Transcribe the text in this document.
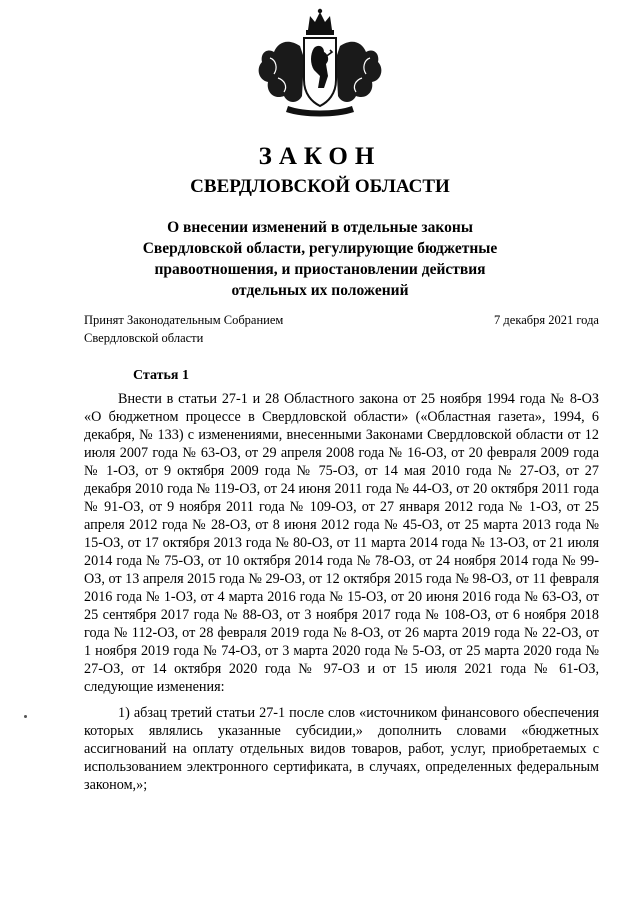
ЗАКОН
СВЕРДЛОВСКОЙ ОБЛАСТИ
О внесении изменений в отдельные законы Свердловской области, регулирующие бюджетные правоотношения, и приостановлении действия отдельных их положений
Принят Законодательным Собранием
Свердловской области
7 декабря 2021 года
Статья 1

Внести в статьи 27-1 и 28 Областного закона от 25 ноября 1994 года № 8-ОЗ «О бюджетном процессе в Свердловской области» («Областная газета», 1994, 6 декабря, № 133) с изменениями, внесенными Законами Свердловской области от 12 июля 2007 года № 63-ОЗ, от 29 апреля 2008 года № 16-ОЗ, от 20 февраля 2009 года № 1-ОЗ, от 9 октября 2009 года № 75-ОЗ, от 14 мая 2010 года № 27-ОЗ, от 27 декабря 2010 года № 119-ОЗ, от 24 июня 2011 года № 44-ОЗ, от 20 октября 2011 года № 91-ОЗ, от 9 ноября 2011 года № 109-ОЗ, от 27 января 2012 года № 1-ОЗ, от 25 апреля 2012 года № 28-ОЗ, от 8 июня 2012 года № 45-ОЗ, от 25 марта 2013 года № 15-ОЗ, от 17 октября 2013 года № 80-ОЗ, от 11 марта 2014 года № 13-ОЗ, от 21 июля 2014 года № 75-ОЗ, от 10 октября 2014 года № 78-ОЗ, от 24 ноября 2014 года № 99-ОЗ, от 13 апреля 2015 года № 29-ОЗ, от 12 октября 2015 года № 98-ОЗ, от 11 февраля 2016 года № 1-ОЗ, от 4 марта 2016 года № 15-ОЗ, от 20 июня 2016 года № 63-ОЗ, от 25 сентября 2017 года № 88-ОЗ, от 3 ноября 2017 года № 108-ОЗ, от 6 ноября 2018 года № 112-ОЗ, от 28 февраля 2019 года № 8-ОЗ, от 26 марта 2019 года № 22-ОЗ, от 1 ноября 2019 года № 74-ОЗ, от 3 марта 2020 года № 5-ОЗ, от 25 марта 2020 года № 27-ОЗ, от 14 октября 2020 года № 97-ОЗ и от 15 июля 2021 года № 61-ОЗ, следующие изменения:

1) абзац третий статьи 27-1 после слов «источником финансового обеспечения которых являлись указанные субсидии,» дополнить словами «бюджетных ассигнований на оплату отдельных видов товаров, работ, услуг, приобретаемых с использованием электронного сертификата, в случаях, определенных федеральным законом,»;
